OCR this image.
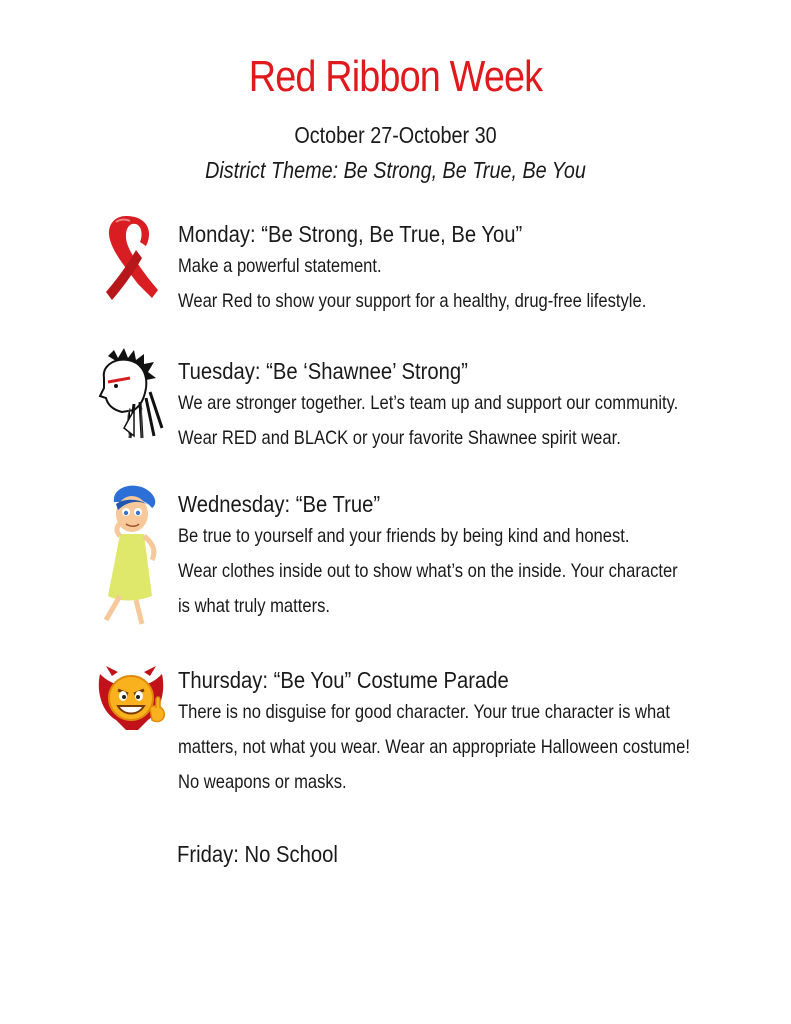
Red Ribbon Week
October 27-October 30
District Theme: Be Strong, Be True, Be You
Monday: “Be Strong, Be True, Be You”
Make a powerful statement.
Wear Red to show your support for a healthy, drug-free lifestyle.
Tuesday: “Be ‘Shawnee’ Strong”
We are stronger together. Let’s team up and support our community.
Wear RED and BLACK or your favorite Shawnee spirit wear.
Wednesday: “Be True”
Be true to yourself and your friends by being kind and honest.
Wear clothes inside out to show what’s on the inside. Your character
is what truly matters.
Thursday: “Be You” Costume Parade
There is no disguise for good character. Your true character is what
matters, not what you wear. Wear an appropriate Halloween costume!
No weapons or masks.
Friday: No School
